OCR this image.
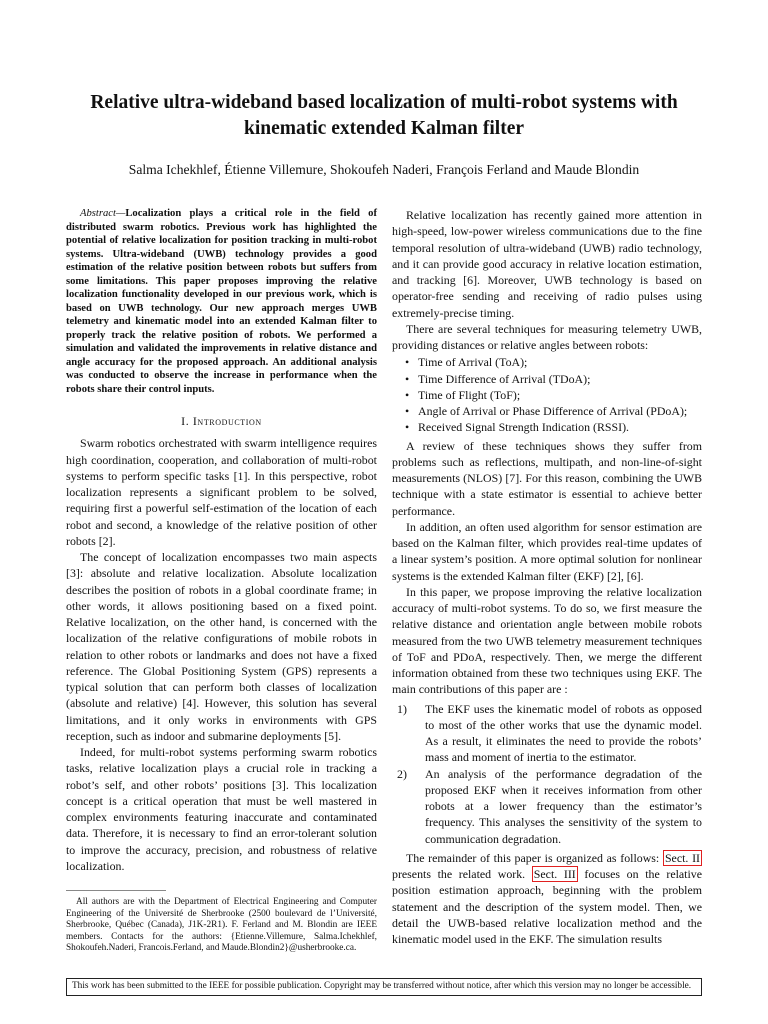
Relative ultra-wideband based localization of multi-robot systems with
kinematic extended Kalman filter
Salma Ichekhlef, Étienne Villemure, Shokoufeh Naderi, François Ferland and Maude Blondin

Abstract—Localization plays a critical role in the field of distributed swarm robotics. Previous work has highlighted the potential of relative localization for position tracking in multi-robot systems. Ultra-wideband (UWB) technology provides a good estimation of the relative position between robots but suffers from some limitations. This paper proposes improving the relative localization functionality developed in our previous work, which is based on UWB technology. Our new approach merges UWB telemetry and kinematic model into an extended Kalman filter to properly track the relative position of robots. We performed a simulation and validated the improvements in relative distance and angle accuracy for the proposed approach. An additional analysis was conducted to observe the increase in performance when the robots share their control inputs.

I. Introduction

Swarm robotics orchestrated with swarm intelligence requires high coordination, cooperation, and collaboration of multi-robot systems to perform specific tasks [1]. In this perspective, robot localization represents a significant problem to be solved, requiring first a powerful self-estimation of the location of each robot and second, a knowledge of the relative position of other robots [2].

The concept of localization encompasses two main aspects [3]: absolute and relative localization. Absolute localization describes the position of robots in a global coordinate frame; in other words, it allows positioning based on a fixed point. Relative localization, on the other hand, is concerned with the localization of the relative configurations of mobile robots in relation to other robots or landmarks and does not have a fixed reference. The Global Positioning System (GPS) represents a typical solution that can perform both classes of localization (absolute and relative) [4]. However, this solution has several limitations, and it only works in environments with GPS reception, such as indoor and submarine deployments [5].

Indeed, for multi-robot systems performing swarm robotics tasks, relative localization plays a crucial role in tracking a robot’s self, and other robots’ positions [3]. This localization concept is a critical operation that must be well mastered in complex environments featuring inaccurate and contaminated data. Therefore, it is necessary to find an error-tolerant solution to improve the accuracy, precision, and robustness of relative localization.

All authors are with the Department of Electrical Engineering and Computer Engineering of the Université de Sherbrooke (2500 boulevard de l’Université, Sherbrooke, Québec (Canada), J1K-2R1). F. Ferland and M. Blondin are IEEE members. Contacts for the authors: {Etienne.Villemure, Salma.Ichekhlef, Shokoufeh.Naderi, Francois.Ferland, and Maude.Blondin2}@usherbrooke.ca.

Relative localization has recently gained more attention in high-speed, low-power wireless communications due to the fine temporal resolution of ultra-wideband (UWB) radio technology, and it can provide good accuracy in relative location estimation, and tracking [6]. Moreover, UWB technology is based on operator-free sending and receiving of radio pulses using extremely-precise timing.

There are several techniques for measuring telemetry UWB, providing distances or relative angles between robots:

• Time of Arrival (ToA);
• Time Difference of Arrival (TDoA);
• Time of Flight (ToF);
• Angle of Arrival or Phase Difference of Arrival (PDoA);
• Received Signal Strength Indication (RSSI).

A review of these techniques shows they suffer from problems such as reflections, multipath, and non-line-of-sight measurements (NLOS) [7]. For this reason, combining the UWB technique with a state estimator is essential to achieve better performance.

In addition, an often used algorithm for sensor estimation are based on the Kalman filter, which provides real-time updates of a linear system’s position. A more optimal solution for nonlinear systems is the extended Kalman filter (EKF) [2], [6].

In this paper, we propose improving the relative localization accuracy of multi-robot systems. To do so, we first measure the relative distance and orientation angle between mobile robots measured from the two UWB telemetry measurement techniques of ToF and PDoA, respectively. Then, we merge the different information obtained from these two techniques using EKF. The main contributions of this paper are :

1) The EKF uses the kinematic model of robots as opposed to most of the other works that use the dynamic model. As a result, it eliminates the need to provide the robots’ mass and moment of inertia to the estimator.
2) An analysis of the performance degradation of the proposed EKF when it receives information from other robots at a lower frequency than the estimator’s frequency. This analyses the sensitivity of the system to communication degradation.

The remainder of this paper is organized as follows: Sect. II presents the related work. Sect. III focuses on the relative position estimation approach, beginning with the problem statement and the description of the system model. Then, we detail the UWB-based relative localization method and the kinematic model used in the EKF. The simulation results

This work has been submitted to the IEEE for possible publication. Copyright may be transferred without notice, after which this version may no longer be accessible.
